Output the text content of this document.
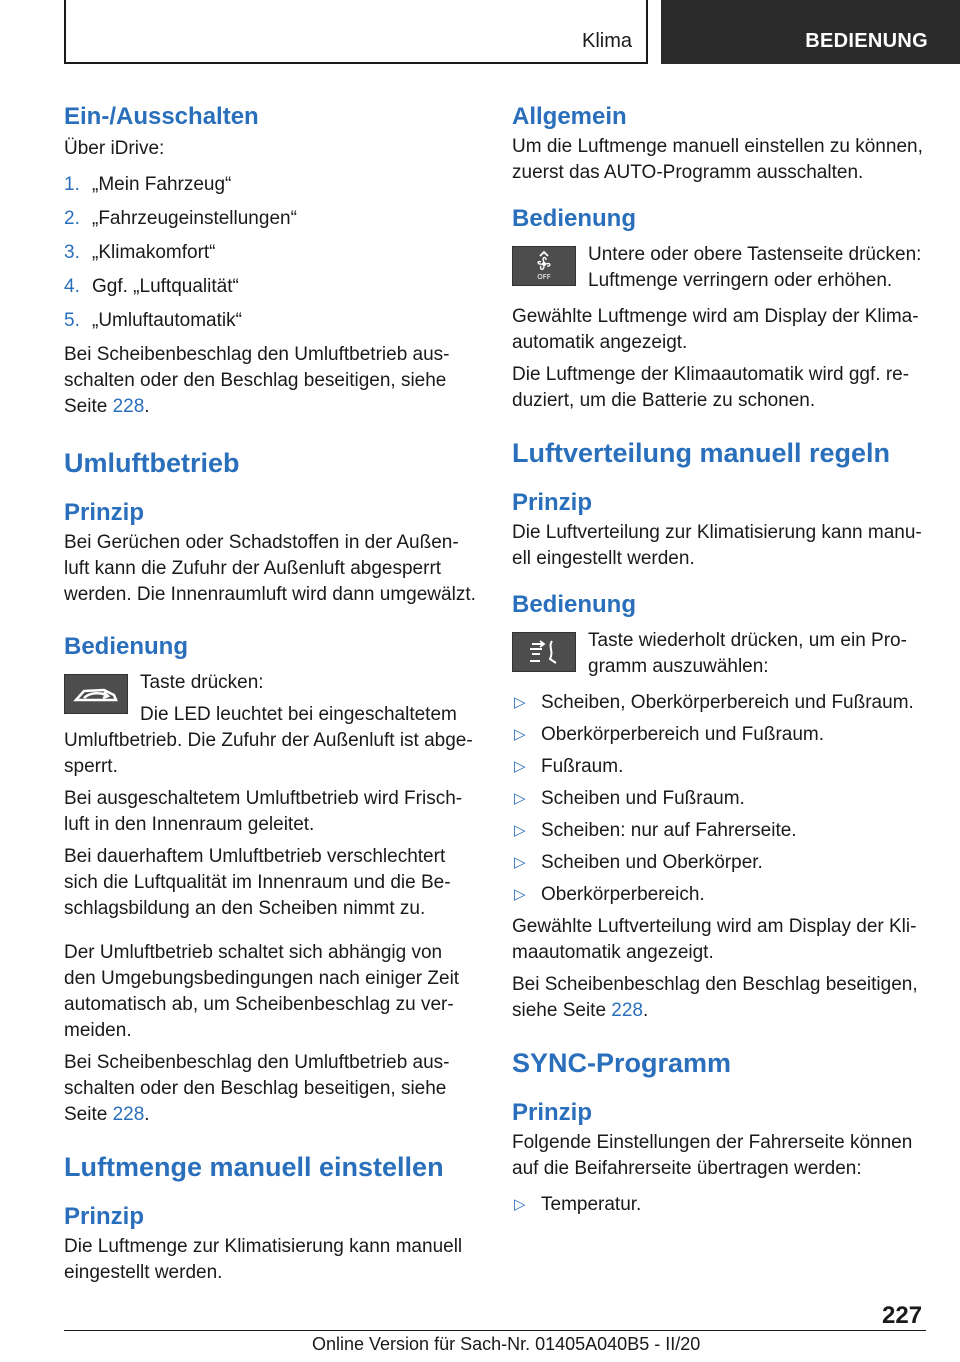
Klima	BEDIENUNG
Ein-/Ausschalten

Über iDrive:

1. „Mein Fahrzeug“
2. „Fahrzeugeinstellungen“
3. „Klimakomfort“
4. Ggf. „Luftqualität“
5. „Umluftautomatik“

Bei Scheibenbeschlag den Umluftbetrieb aus-schalten oder den Beschlag beseitigen, siehe Seite 228.

Umluftbetrieb
Prinzip

Bei Gerüchen oder Schadstoffen in der Außen-luft kann die Zufuhr der Außenluft abgesperrt werden. Die Innenraumluft wird dann umgewälzt.

Bedienung

Taste drücken:

Die LED leuchtet bei eingeschaltetem

Umluftbetrieb. Die Zufuhr der Außenluft ist abge-sperrt.

Bei ausgeschaltetem Umluftbetrieb wird Frisch-luft in den Innenraum geleitet.

Bei dauerhaftem Umluftbetrieb verschlechtert sich die Luftqualität im Innenraum und die Be-schlagsbildung an den Scheiben nimmt zu.

Der Umluftbetrieb schaltet sich abhängig von den Umgebungsbedingungen nach einiger Zeit automatisch ab, um Scheibenbeschlag zu ver-meiden.

Bei Scheibenbeschlag den Umluftbetrieb aus-schalten oder den Beschlag beseitigen, siehe Seite 228.

Luftmenge manuell einstellen
Prinzip

Die Luftmenge zur Klimatisierung kann manuell eingestellt werden.

Allgemein

Um die Luftmenge manuell einstellen zu können, zuerst das AUTO-Programm ausschalten.

Bedienung
OFF

Untere oder obere Tastenseite drücken: Luftmenge verringern oder erhöhen.

Gewählte Luftmenge wird am Display der Klima-automatik angezeigt.

Die Luftmenge der Klimaautomatik wird ggf. re-duziert, um die Batterie zu schonen.

Luftverteilung manuell regeln
Prinzip

Die Luftverteilung zur Klimatisierung kann manu-ell eingestellt werden.

Bedienung

Taste wiederholt drücken, um ein Pro-gramm auszuwählen:

▷ Scheiben, Oberkörperbereich und Fußraum.
▷ Oberkörperbereich und Fußraum.
▷ Fußraum.
▷ Scheiben und Fußraum.
▷ Scheiben: nur auf Fahrerseite.
▷ Scheiben und Oberkörper.
▷ Oberkörperbereich.

Gewählte Luftverteilung wird am Display der Kli-maautomatik angezeigt.

Bei Scheibenbeschlag den Beschlag beseitigen, siehe Seite 228.

SYNC-Programm
Prinzip

Folgende Einstellungen der Fahrerseite können auf die Beifahrerseite übertragen werden:

▷ Temperatur.
227
Online Version für Sach-Nr. 01405A040B5 - II/20
